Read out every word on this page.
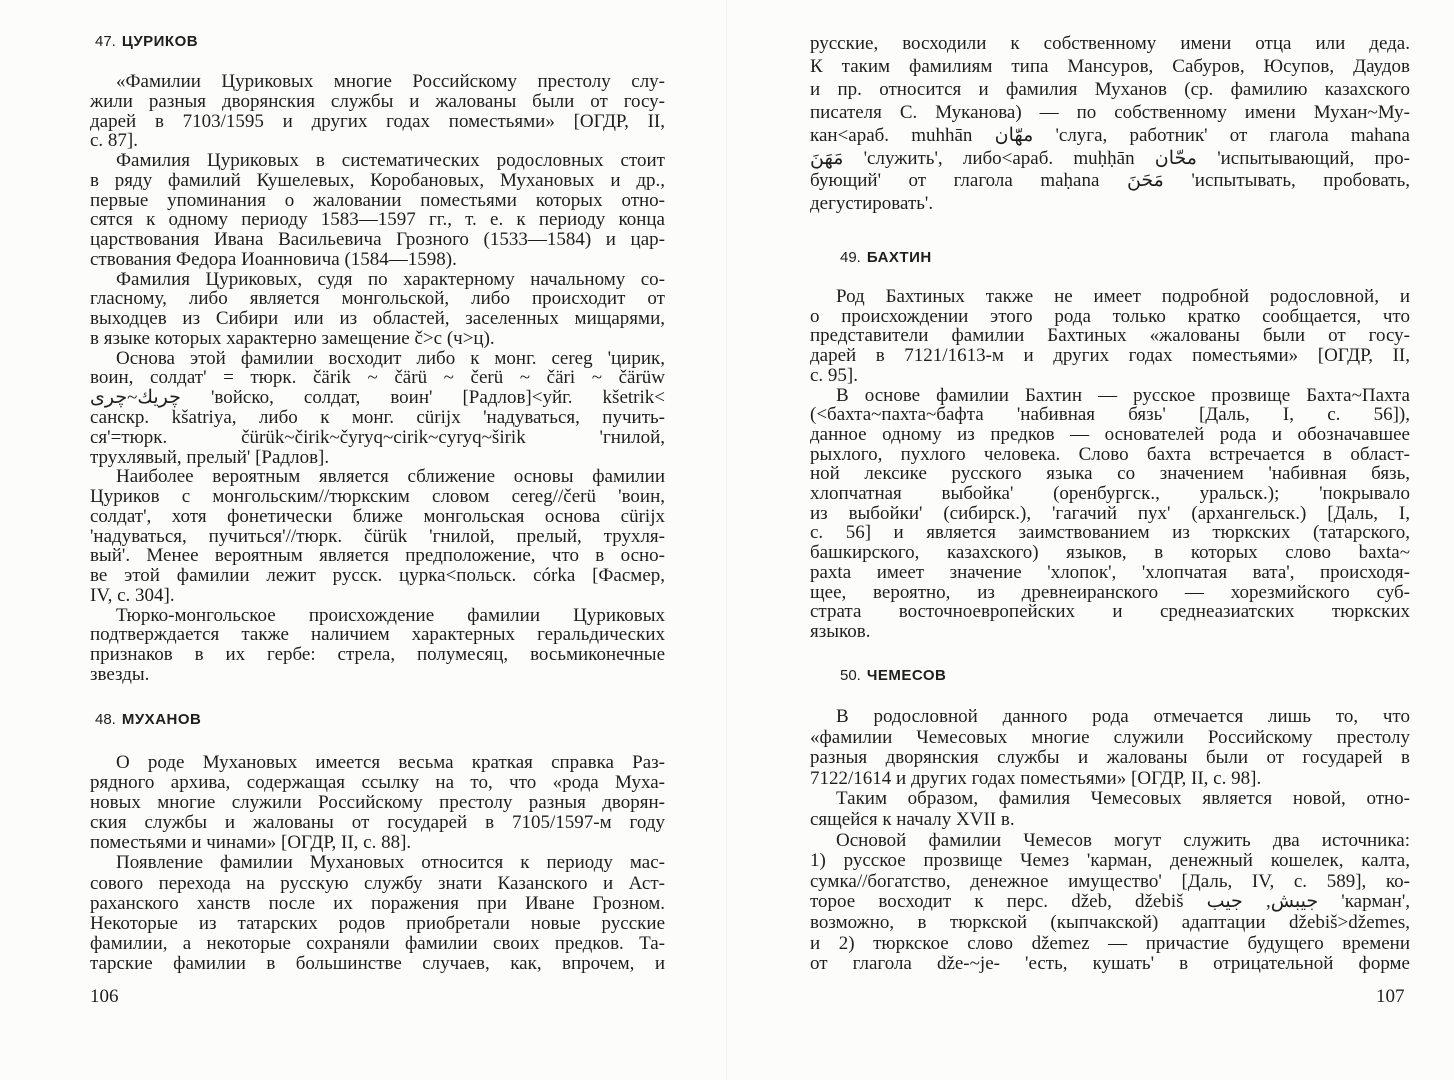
47. ЦУРИКОВ
«Фамилии Цуриковых многие Российскому престолу слу-
жили разныя дворянския службы и жалованы были от госу-
дарей в 7103/1595 и других годах поместьями» [ОГДР, II,
с. 87].
Фамилия Цуриковых в систематических родословных стоит
в ряду фамилий Кушелевых, Коробановых, Мухановых и др.,
первые упоминания о жаловании поместьями которых отно-
сятся к одному периоду 1583—1597 гг., т. е. к периоду конца
царствования Ивана Васильевича Грозного (1533—1584) и цар-
ствования Федора Иоанновича (1584—1598).
Фамилия Цуриковых, судя по характерному начальному со-
гласному, либо является монгольской, либо происходит от
выходцев из Сибири или из областей, заселенных мищарями,
в языке которых характерно замещение č>c (ч>ц).
Основа этой фамилии восходит либо к монг. cereg 'цирик,
воин, солдат' = тюрк. čärik ~ čärü ~ čerü ~ čäri ~ čärüw
چريك~چرى 'войско, солдат, воин' [Радлов]<уйг. kšetrik<
санскр. kšatriya, либо к монг. cürijx 'надуваться, пучить-
ся'=тюрк. čürük~čirik~čyryq~cirik~cyryq~širik 'гнилой,
трухлявый, прелый' [Радлов].
Наиболее вероятным является сближение основы фамилии
Цуриков с монгольским//тюркским словом cereg//čerü 'воин,
солдат', хотя фонетически ближе монгольская основа cürijx
'надуваться, пучиться'//тюрк. čürük 'гнилой, прелый, трухля-
вый'. Менее вероятным является предположение, что в осно-
ве этой фамилии лежит русск. цурка<польск. córka [Фасмер,
IV, с. 304].
Тюрко-монгольское происхождение фамилии Цуриковых
подтверждается также наличием характерных геральдических
признаков в их гербе: стрела, полумесяц, восьмиконечные
звезды.
48. МУХАНОВ
О роде Мухановых имеется весьма краткая справка Раз-
рядного архива, содержащая ссылку на то, что «рода Муха-
новых многие служили Российскому престолу разныя дворян-
ския службы и жалованы от государей в 7105/1597-м году
поместьями и чинами» [ОГДР, II, с. 88].
Появление фамилии Мухановых относится к периоду мас-
сового перехода на русскую службу знати Казанского и Аст-
раханского ханств после их поражения при Иване Грозном.
Некоторые из татарских родов приобретали новые русские
фамилии, а некоторые сохраняли фамилии своих предков. Та-
тарские фамилии в большинстве случаев, как, впрочем, и
106
русские, восходили к собственному имени отца или деда.
К таким фамилиям типа Мансуров, Сабуров, Юсупов, Даудов
и пр. относится и фамилия Муханов (ср. фамилию казахского
писателя С. Муканова) — по собственному имени Мухан~Му-
кан<араб. muhhān مهّان 'слуга, работник' от глагола mahana
مَهَنَ 'служить', либо<араб. muḥḥān محّان 'испытывающий, про-
бующий' от глагола maḥana مَحَنَ 'испытывать, пробовать,
дегустировать'.
49. БАХТИН
Род Бахтиных также не имеет подробной родословной, и
о происхождении этого рода только кратко сообщается, что
представители фамилии Бахтиных «жалованы были от госу-
дарей в 7121/1613-м и других годах поместьями» [ОГДР, II,
с. 95].
В основе фамилии Бахтин — русское прозвище Бахта~Пахта
(<бахта~пахта~бафта 'набивная бязь' [Даль, I, с. 56]),
данное одному из предков — основателей рода и обозначавшее
рыхлого, пухлого человека. Слово бахта встречается в област-
ной лексике русского языка со значением 'набивная бязь,
хлопчатная выбойка' (оренбургск., уральск.); 'покрывало
из выбойки' (сибирск.), 'гагачий пух' (архангельск.) [Даль, I,
с. 56] и является заимствованием из тюркских (татарского,
башкирского, казахского) языков, в которых слово baxta~
paxta имеет значение 'хлопок', 'хлопчатая вата', происходя-
щее, вероятно, из древнеиранского — хорезмийского суб-
страта восточноевропейских и среднеазиатских тюркских
языков.
50. ЧЕМЕСОВ
В родословной данного рода отмечается лишь то, что
«фамилии Чемесовых многие служили Российскому престолу
разныя дворянския службы и жалованы были от государей в
7122/1614 и других годах поместьями» [ОГДР, II, с. 98].
Таким образом, фамилия Чемесовых является новой, отно-
сящейся к началу XVII в.
Основой фамилии Чемесов могут служить два источника:
1) русское прозвище Чемез 'карман, денежный кошелек, калта,
сумка//богатство, денежное имущество' [Даль, IV, с. 589], ко-
торое восходит к перс. džeb, džebiš جيبش, جيب 'карман',
возможно, в тюркской (кыпчакской) адаптации džebiš>džemes,
и 2) тюркское слово džemez — причастие будущего времени
от глагола dže-~je- 'есть, кушать' в отрицательной форме
107
